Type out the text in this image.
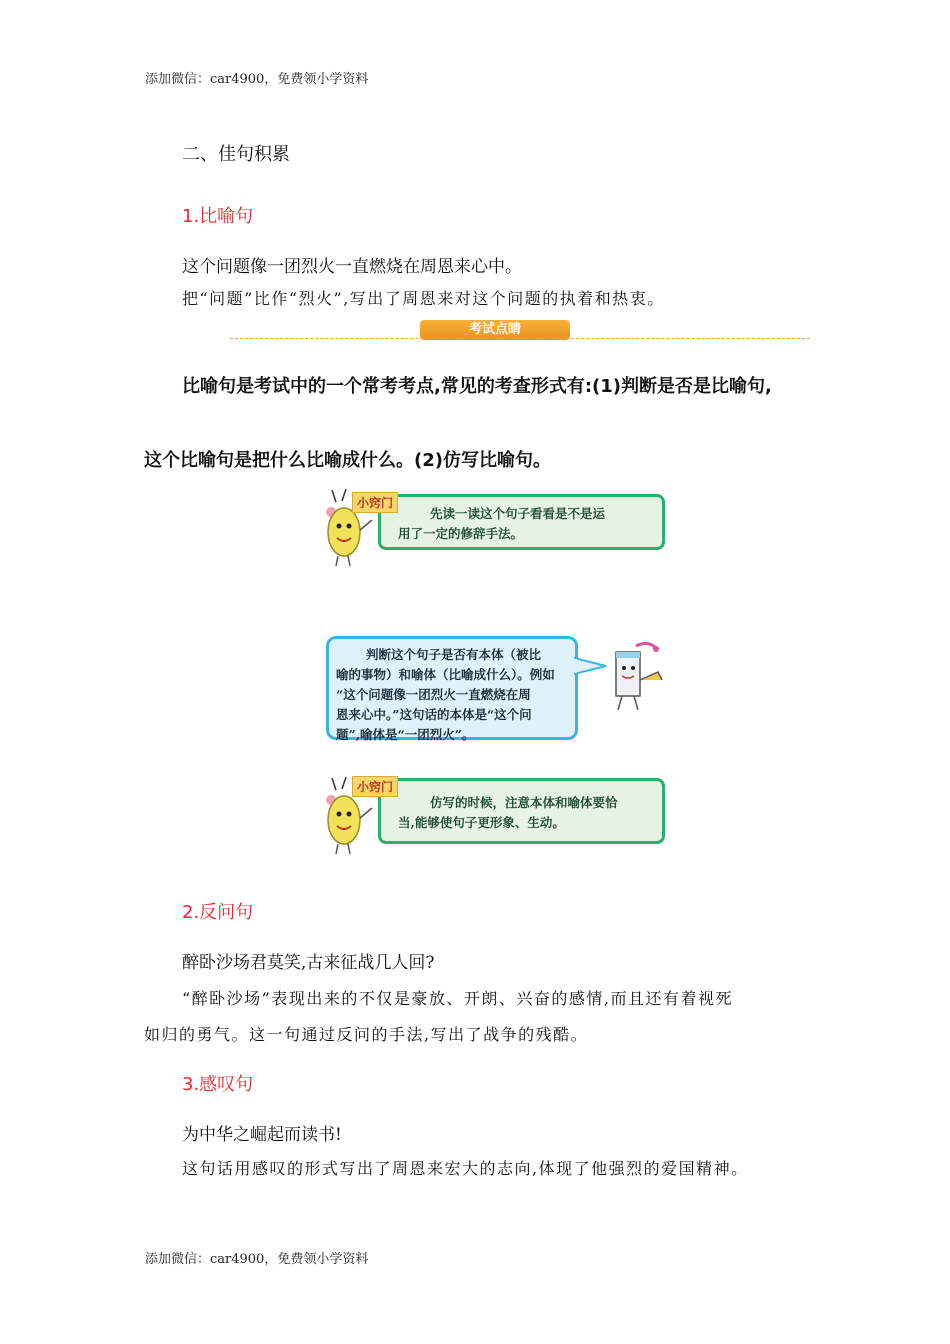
添加微信：car4900，免费领小学资料
二、佳句积累
1.比喻句
这个问题像一团烈火一直燃烧在周恩来心中。
把“问题”比作“烈火”,写出了周恩来对这个问题的执着和热衷。
考试点睛
比喻句是考试中的一个常考考点,常见的考查形式有:(1)判断是否是比喻句,
这个比喻句是把什么比喻成什么。(2)仿写比喻句。
小窍门
先读一读这个句子看看是不是运
用了一定的修辞手法。
判断这个句子是否有本体（被比
喻的事物）和喻体（比喻成什么）。例如
“这个问题像一团烈火一直燃烧在周
恩来心中。”这句话的本体是“这个问
题”,喻体是“一团烈火”。
小窍门
仿写的时候，注意本体和喻体要恰
当,能够使句子更形象、生动。
2.反问句
醉卧沙场君莫笑,古来征战几人回?
“醉卧沙场”表现出来的不仅是豪放、开朗、兴奋的感情,而且还有着视死
如归的勇气。这一句通过反问的手法,写出了战争的残酷。
3.感叹句
为中华之崛起而读书!
这句话用感叹的形式写出了周恩来宏大的志向,体现了他强烈的爱国精神。
添加微信：car4900，免费领小学资料
